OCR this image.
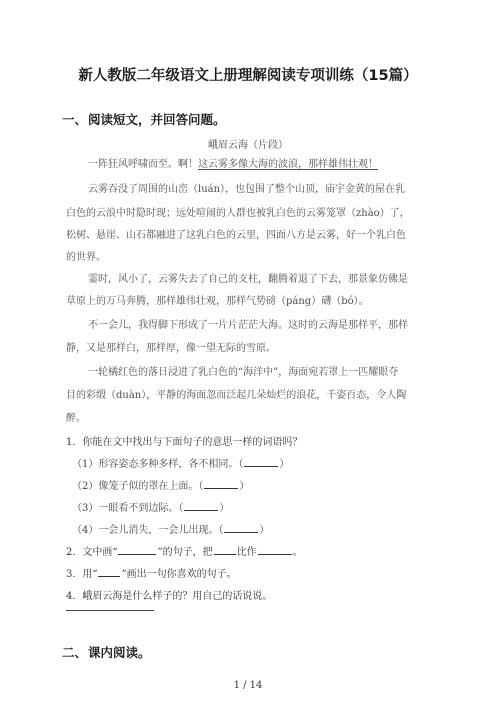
新人教版二年级语文上册理解阅读专项训练（15篇）
一、阅读短文，并回答问题。
峨眉云海（片段）
一阵狂风呼啸而至。啊！这云雾多像大海的波浪，那样雄伟壮观！
云雾吞没了周围的山峦（luán），也包围了整个山顶，庙宇金黄的屋在乳
白色的云浪中时隐时现；远处喧闹的人群也被乳白色的云雾笼罩（zhào）了，
松树、悬崖、山石都融进了这乳白色的云里，四面八方是云雾，好一个乳白色
的世界。
霎时，风小了，云雾失去了自己的支柱，翻腾着退了下去，那景象仿佛是
草原上的万马奔腾，那样雄伟壮观，那样气势磅（páng）礴（bó）。
不一会儿，我得脚下形成了一片片茫茫大海。这时的云海是那样平，那样
静，又是那样白，那样厚，像一望无际的雪原。
一轮橘红色的落日浸进了乳白色的“海洋中”，海面宛若罩上一匹耀眼夺
目的彩缎（duàn），平静的海面忽而泛起几朵灿烂的浪花，千姿百态，令人陶
醉。
1．你能在文中找出与下面句子的意思一样的词语吗？
（1）形容姿态多种多样，各不相同。（	）
（2）像笼子似的罩在上面。（	）
（3）一眼看不到边际。（	）
（4）一会儿消失，一会儿出现。（	）
2．文中画“	”的句子，把 比作	。
3．用“ ”画出一句你喜欢的句子。
4．峨眉云海是什么样子的？用自己的话说说。
二、课内阅读。
1 / 14
